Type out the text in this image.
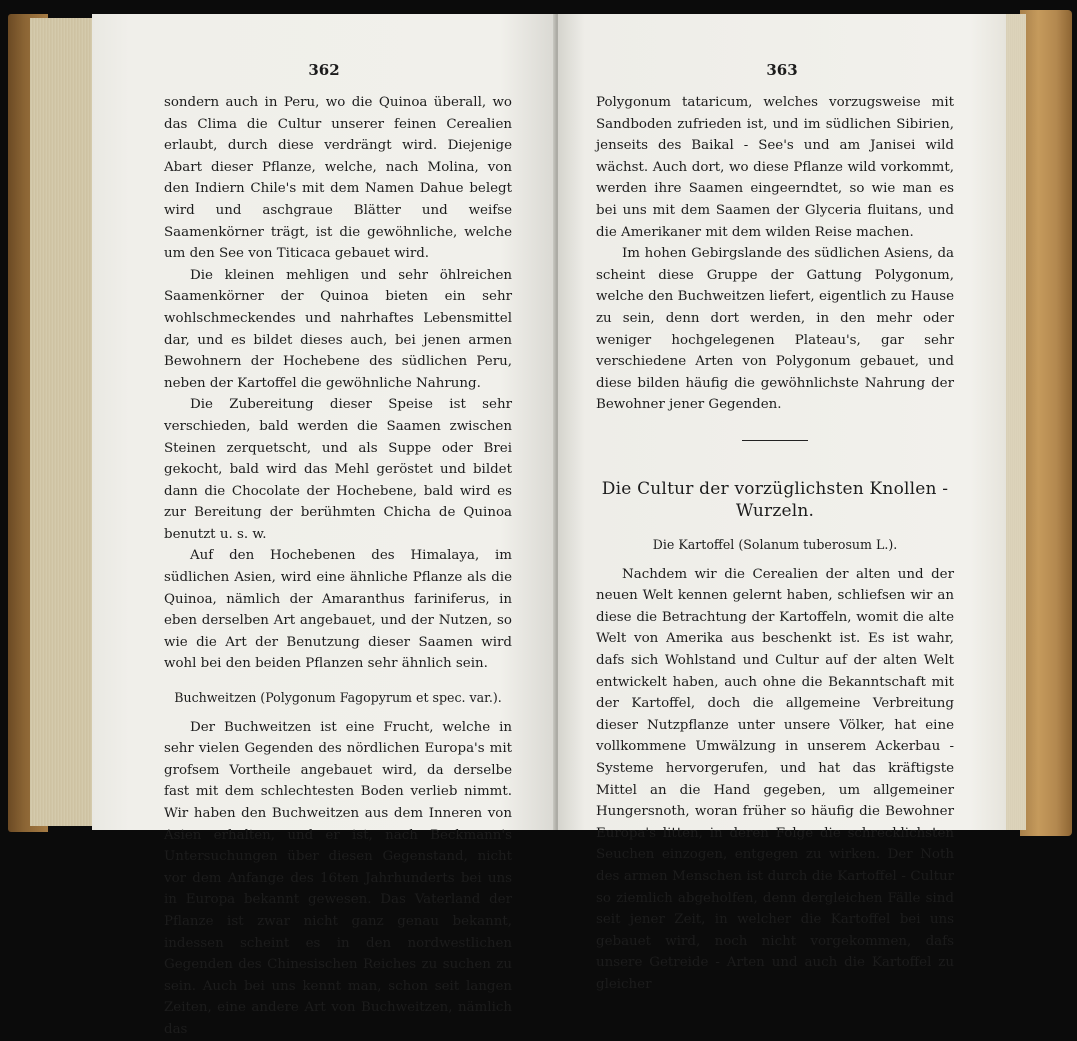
362

sondern auch in Peru, wo die Quinoa überall, wo das Clima die Cultur unserer feinen Cerealien erlaubt, durch diese verdrängt wird. Diejenige Abart dieser Pflanze, welche, nach Molina, von den Indiern Chile's mit dem Namen Dahue belegt wird und aschgraue Blätter und weifse Saamenkörner trägt, ist die gewöhnliche, welche um den See von Titicaca gebauet wird.

Die kleinen mehligen und sehr öhlreichen Saamenkörner der Quinoa bieten ein sehr wohlschmeckendes und nahrhaftes Lebensmittel dar, und es bildet dieses auch, bei jenen armen Bewohnern der Hochebene des südlichen Peru, neben der Kartoffel die gewöhnliche Nahrung.

Die Zubereitung dieser Speise ist sehr verschieden, bald werden die Saamen zwischen Steinen zerquetscht, und als Suppe oder Brei gekocht, bald wird das Mehl geröstet und bildet dann die Chocolate der Hochebene, bald wird es zur Bereitung der berühmten Chicha de Quinoa benutzt u. s. w.

Auf den Hochebenen des Himalaya, im südlichen Asien, wird eine ähnliche Pflanze als die Quinoa, nämlich der Amaranthus fariniferus, in eben derselben Art angebauet, und der Nutzen, so wie die Art der Benutzung dieser Saamen wird wohl bei den beiden Pflanzen sehr ähnlich sein.

Buchweitzen (Polygonum Fagopyrum et spec. var.).

Der Buchweitzen ist eine Frucht, welche in sehr vielen Gegenden des nördlichen Europa's mit grofsem Vortheile angebauet wird, da derselbe fast mit dem schlechtesten Boden verlieb nimmt. Wir haben den Buchweitzen aus dem Inneren von Asien erhalten, und er ist, nach Beckmann's Untersuchungen über diesen Gegenstand, nicht vor dem Anfange des 16ten Jahrhunderts bei uns in Europa bekannt gewesen. Das Vaterland der Pflanze ist zwar nicht ganz genau bekannt, indessen scheint es in den nordwestlichen Gegenden des Chinesischen Reiches zu suchen zu sein. Auch bei uns kennt man, schon seit langen Zeiten, eine andere Art von Buchweitzen, nämlich das

363

Polygonum tataricum, welches vorzugsweise mit Sandboden zufrieden ist, und im südlichen Sibirien, jenseits des Baikal - See's und am Janisei wild wächst. Auch dort, wo diese Pflanze wild vorkommt, werden ihre Saamen eingeerndtet, so wie man es bei uns mit dem Saamen der Glyceria fluitans, und die Amerikaner mit dem wilden Reise machen.

Im hohen Gebirgslande des südlichen Asiens, da scheint diese Gruppe der Gattung Polygonum, welche den Buchweitzen liefert, eigentlich zu Hause zu sein, denn dort werden, in den mehr oder weniger hochgelegenen Plateau's, gar sehr verschiedene Arten von Polygonum gebauet, und diese bilden häufig die gewöhnlichste Nahrung der Bewohner jener Gegenden.

Die Cultur der vorzüglichsten Knollen - Wurzeln.
Die Kartoffel (Solanum tuberosum L.).

Nachdem wir die Cerealien der alten und der neuen Welt kennen gelernt haben, schliefsen wir an diese die Betrachtung der Kartoffeln, womit die alte Welt von Amerika aus beschenkt ist. Es ist wahr, dafs sich Wohlstand und Cultur auf der alten Welt entwickelt haben, auch ohne die Bekanntschaft mit der Kartoffel, doch die allgemeine Verbreitung dieser Nutzpflanze unter unsere Völker, hat eine vollkommene Umwälzung in unserem Ackerbau - Systeme hervorgerufen, und hat das kräftigste Mittel an die Hand gegeben, um allgemeiner Hungersnoth, woran früher so häufig die Bewohner Europa's litten, in deren Folge die schrecklichsten Seuchen einzogen, entgegen zu wirken. Der Noth des armen Menschen ist durch die Kartoffel - Cultur so ziemlich abgeholfen, denn dergleichen Fälle sind seit jener Zeit, in welcher die Kartoffel bei uns gebauet wird, noch nicht vorgekommen, dafs unsere Getreide - Arten und auch die Kartoffel zu gleicher
